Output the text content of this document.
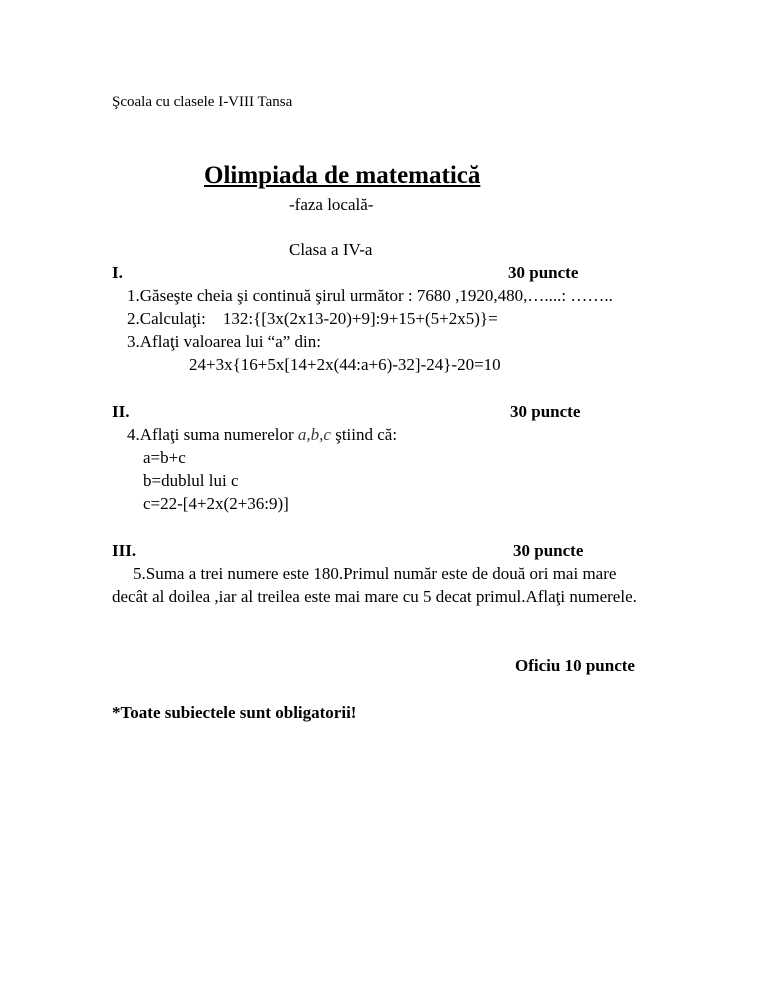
Şcoala cu clasele I-VIII Tansa
Olimpiada de matematică
-faza locală-
Clasa a IV-a
I.	30 puncte
1.Găseşte cheia şi continuă şirul următor : 7680 ,1920,480,…....: ……..
2.Calculaţi:    132:{[3x(2x13-20)+9]:9+15+(5+2x5)}=
3.Aflaţi valoarea lui “a” din:
24+3x{16+5x[14+2x(44:a+6)-32]-24}-20=10
II.	30 puncte
4.Aflaţi suma numerelor a,b,c ştiind că:
a=b+c
b=dublul lui c
c=22-[4+2x(2+36:9)]
III.	30 puncte
5.Suma a trei numere este 180.Primul număr este de două ori mai mare
decât al doilea ,iar al treilea este mai mare cu 5 decat primul.Aflaţi numerele.
Oficiu 10 puncte
*Toate subiectele sunt obligatorii!
